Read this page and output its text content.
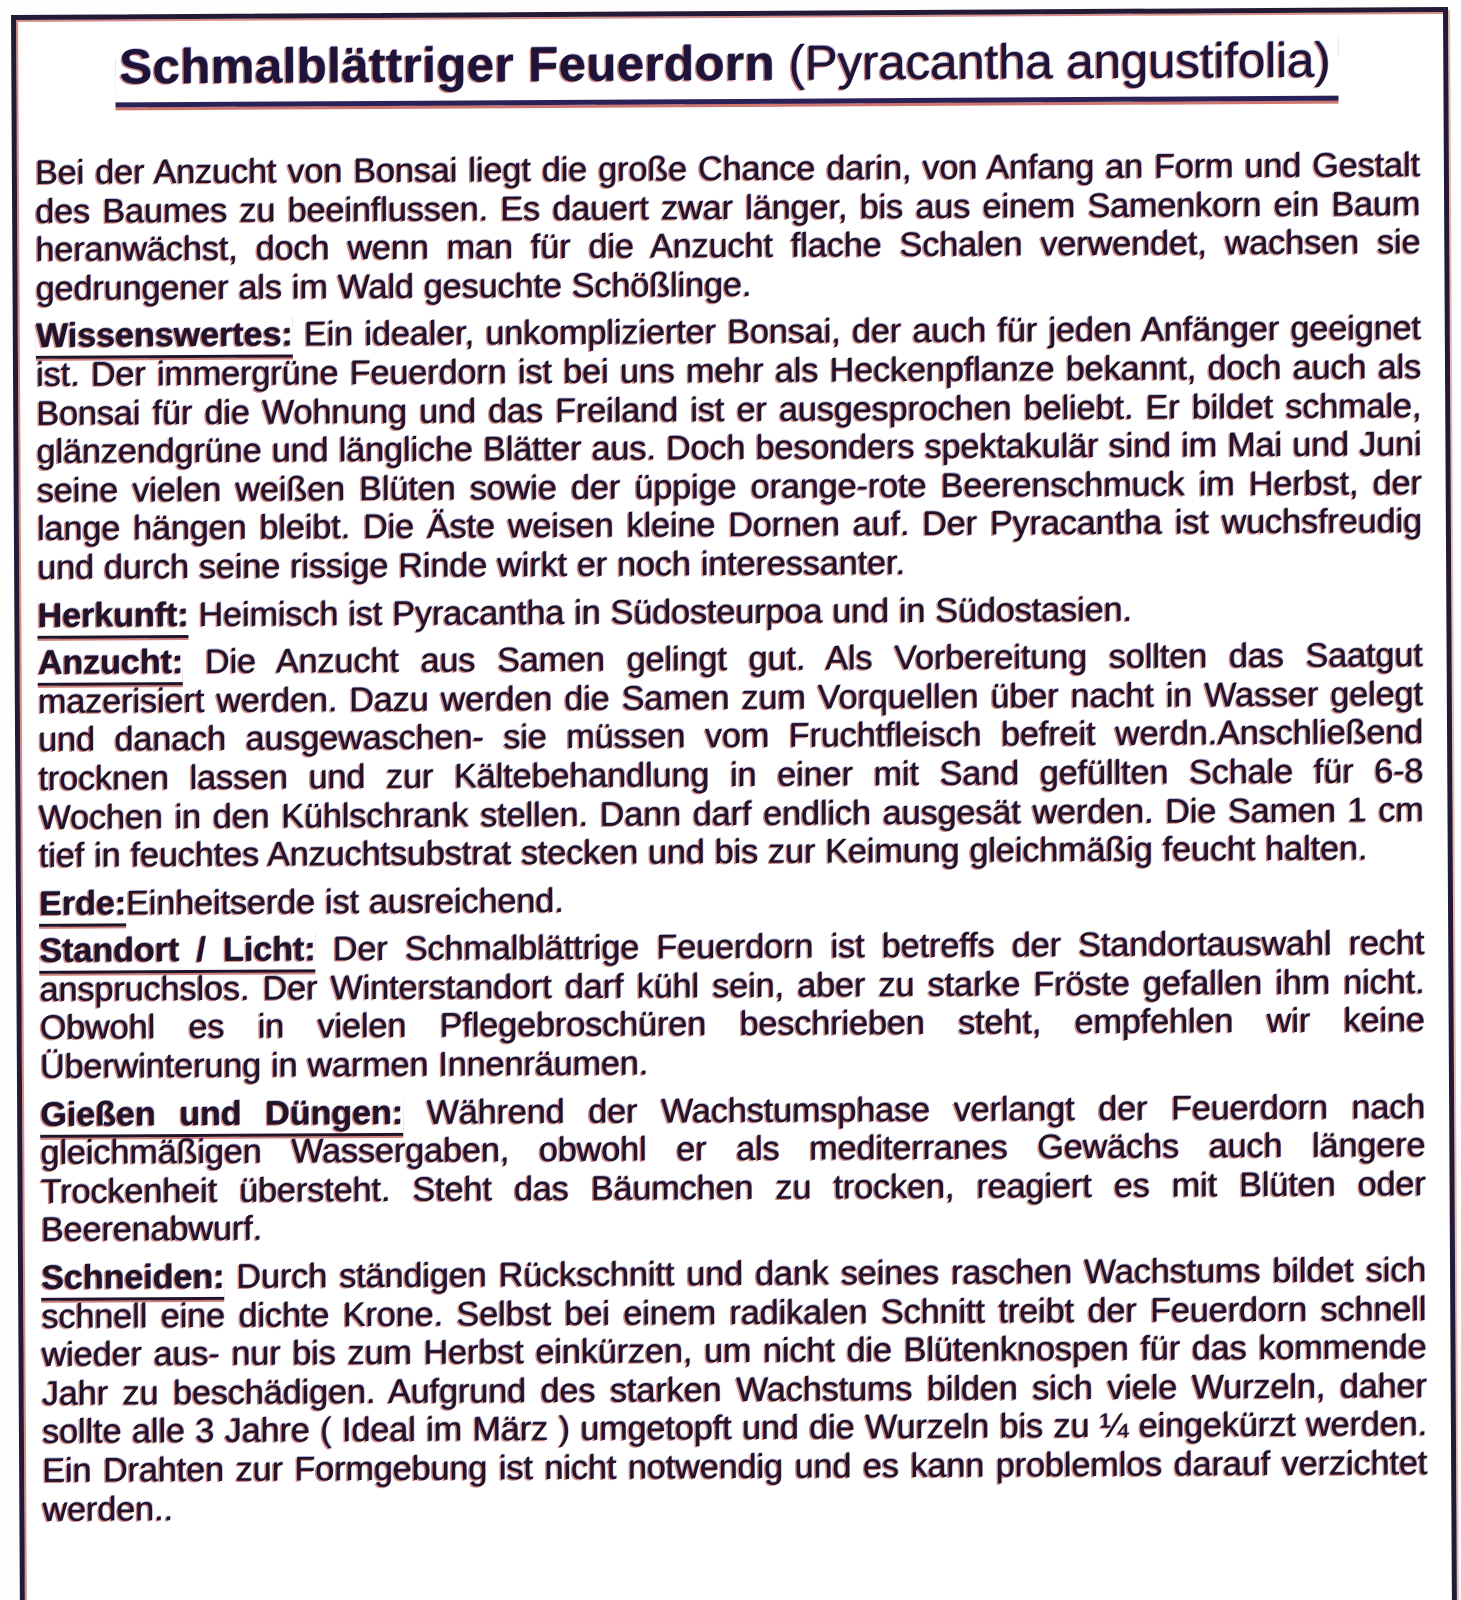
Schmalblättriger Feuerdorn (Pyracantha angustifolia)

Bei der Anzucht von Bonsai liegt die große Chance darin, von Anfang an Form und Gestalt des Baumes zu beeinflussen. Es dauert zwar länger, bis aus einem Samenkorn ein Baum heranwächst, doch wenn man für die Anzucht flache Schalen verwendet, wachsen sie gedrungener als im Wald gesuchte Schößlinge.

Wissenswertes: Ein idealer, unkomplizierter Bonsai, der auch für jeden Anfänger geeignet ist. Der immergrüne Feuerdorn ist bei uns mehr als Heckenpflanze bekannt, doch auch als Bonsai für die Wohnung und das Freiland ist er ausgesprochen beliebt. Er bildet schmale, glänzendgrüne und längliche Blätter aus. Doch besonders spektakulär sind im Mai und Juni seine vielen weißen Blüten sowie der üppige orange-rote Beerenschmuck im Herbst, der lange hängen bleibt. Die Äste weisen kleine Dornen auf. Der Pyracantha ist wuchsfreudig und durch seine rissige Rinde wirkt er noch interessanter.

Herkunft: Heimisch ist Pyracantha in Südosteurpoa und in Südostasien.

Anzucht: Die Anzucht aus Samen gelingt gut. Als Vorbereitung sollten das Saatgut mazerisiert werden. Dazu werden die Samen zum Vorquellen über nacht in Wasser gelegt und danach ausgewaschen- sie müssen vom Fruchtfleisch befreit werdn.Anschließend trocknen lassen und zur Kältebehandlung in einer mit Sand gefüllten Schale für 6-8 Wochen in den Kühlschrank stellen. Dann darf endlich ausgesät werden. Die Samen 1 cm tief in feuchtes Anzuchtsubstrat stecken und bis zur Keimung gleichmäßig feucht halten.

Erde:Einheitserde ist ausreichend.

Standort / Licht: Der Schmalblättrige Feuerdorn ist betreffs der Standortauswahl recht anspruchslos. Der Winterstandort darf kühl sein, aber zu starke Fröste gefallen ihm nicht. Obwohl es in vielen Pflegebroschüren beschrieben steht, empfehlen wir keine Überwinterung in warmen Innenräumen.

Gießen und Düngen: Während der Wachstumsphase verlangt der Feuerdorn nach gleichmäßigen Wassergaben, obwohl er als mediterranes Gewächs auch längere Trockenheit übersteht. Steht das Bäumchen zu trocken, reagiert es mit Blüten oder Beerenabwurf.

Schneiden: Durch ständigen Rückschnitt und dank seines raschen Wachstums bildet sich schnell eine dichte Krone. Selbst bei einem radikalen Schnitt treibt der Feuerdorn schnell wieder aus- nur bis zum Herbst einkürzen, um nicht die Blütenknospen für das kommende Jahr zu beschädigen. Aufgrund des starken Wachstums bilden sich viele Wurzeln, daher sollte alle 3 Jahre ( Ideal im März ) umgetopft und die Wurzeln bis zu ¼ eingekürzt werden. Ein Drahten zur Formgebung ist nicht notwendig und es kann problemlos darauf verzichtet werden..
